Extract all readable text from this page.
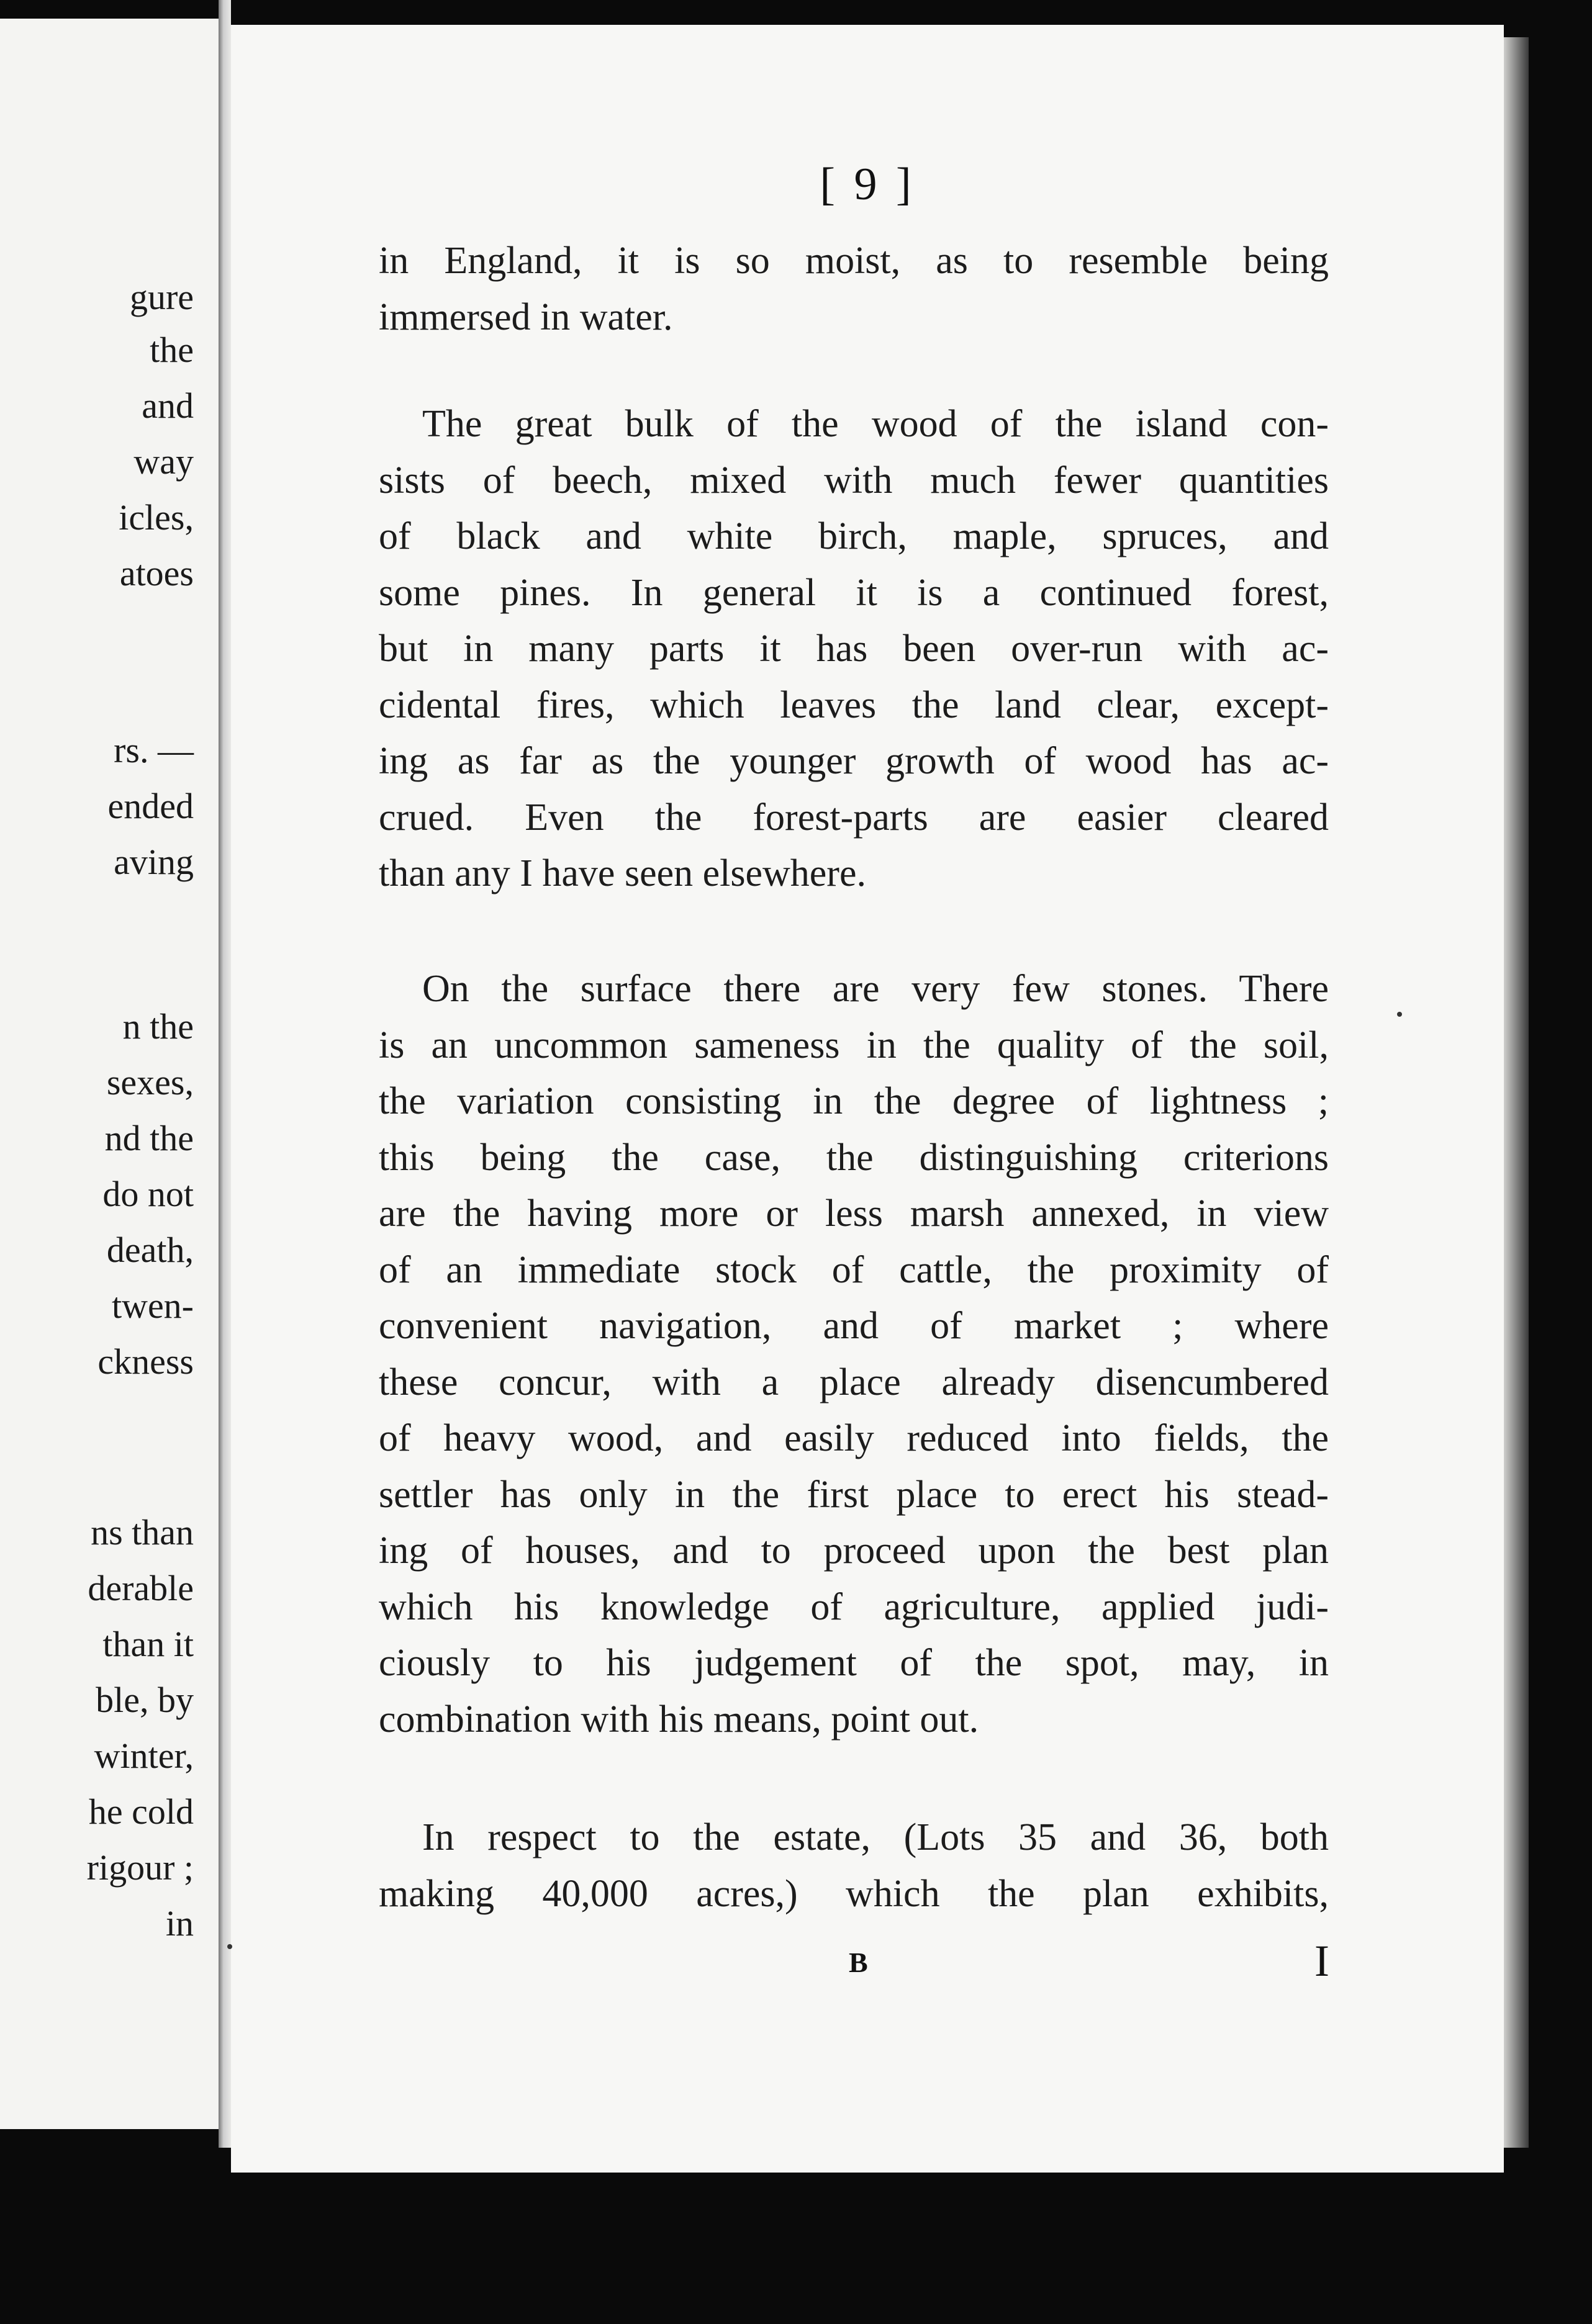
gure
the
and
way
icles,
atoes
rs. —
ended
aving
n the
sexes,
nd the
do not
death,
twen-
ckness
ns than
derable
than it
ble, by
winter,
he cold
rigour ;
in
[ 9 ]
in England, it is so moist, as to resemble being
immersed in water.
The great bulk of the wood of the island con-
sists of beech, mixed with much fewer quantities
of black and white birch, maple, spruces, and
some pines. In general it is a continued forest,
but in many parts it has been over-run with ac-
cidental fires, which leaves the land clear, except-
ing as far as the younger growth of wood has ac-
crued. Even the forest-parts are easier cleared
than any I have seen elsewhere.
On the surface there are very few stones. There
is an uncommon sameness in the quality of the soil,
the variation consisting in the degree of lightness ;
this being the case, the distinguishing criterions
are the having more or less marsh annexed, in view
of an immediate stock of cattle, the proximity of
convenient navigation, and of market ; where
these concur, with a place already disencumbered
of heavy wood, and easily reduced into fields, the
settler has only in the first place to erect his stead-
ing of houses, and to proceed upon the best plan
which his knowledge of agriculture, applied judi-
ciously to his judgement of the spot, may, in
combination with his means, point out.
In respect to the estate, (Lots 35 and 36, both
making 40,000 acres,) which the plan exhibits,
B	I
